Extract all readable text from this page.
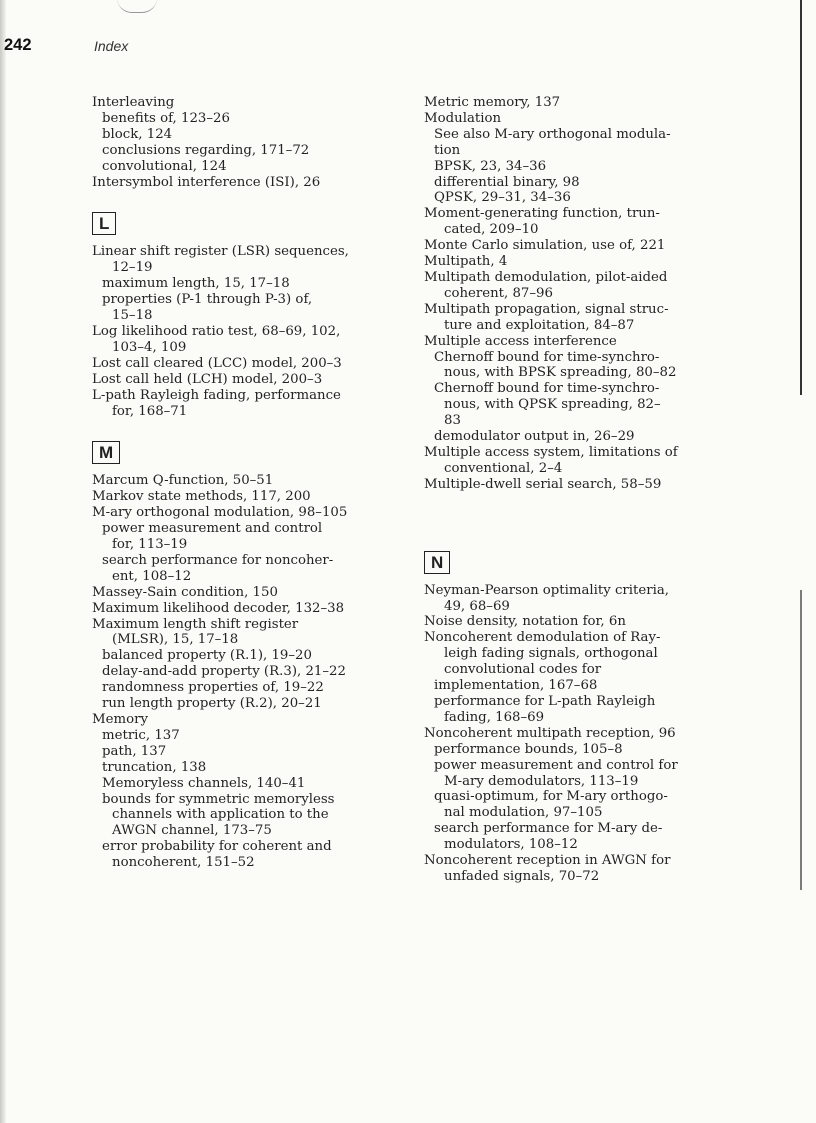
242	Index
Interleaving
benefits of, 123–26
block, 124
conclusions regarding, 171–72
convolutional, 124
Intersymbol interference (ISI), 26
L
Linear shift register (LSR) sequences,
12–19
maximum length, 15, 17–18
properties (P-1 through P-3) of,
15–18
Log likelihood ratio test, 68–69, 102,
103–4, 109
Lost call cleared (LCC) model, 200–3
Lost call held (LCH) model, 200–3
L-path Rayleigh fading, performance
for, 168–71
M
Marcum Q-function, 50–51
Markov state methods, 117, 200
M-ary orthogonal modulation, 98–105
power measurement and control
for, 113–19
search performance for noncoher-
ent, 108–12
Massey-Sain condition, 150
Maximum likelihood decoder, 132–38
Maximum length shift register
(MLSR), 15, 17–18
balanced property (R.1), 19–20
delay-and-add property (R.3), 21–22
randomness properties of, 19–22
run length property (R.2), 20–21
Memory
metric, 137
path, 137
truncation, 138
Memoryless channels, 140–41
bounds for symmetric memoryless
channels with application to the
AWGN channel, 173–75
error probability for coherent and
noncoherent, 151–52
Metric memory, 137
Modulation
See also M-ary orthogonal modula-
tion
BPSK, 23, 34–36
differential binary, 98
QPSK, 29–31, 34–36
Moment-generating function, trun-
cated, 209–10
Monte Carlo simulation, use of, 221
Multipath, 4
Multipath demodulation, pilot-aided
coherent, 87–96
Multipath propagation, signal struc-
ture and exploitation, 84–87
Multiple access interference
Chernoff bound for time-synchro-
nous, with BPSK spreading, 80–82
Chernoff bound for time-synchro-
nous, with QPSK spreading, 82–
83
demodulator output in, 26–29
Multiple access system, limitations of
conventional, 2–4
Multiple-dwell serial search, 58–59
N
Neyman-Pearson optimality criteria,
49, 68–69
Noise density, notation for, 6n
Noncoherent demodulation of Ray-
leigh fading signals, orthogonal
convolutional codes for
implementation, 167–68
performance for L-path Rayleigh
fading, 168–69
Noncoherent multipath reception, 96
performance bounds, 105–8
power measurement and control for
M-ary demodulators, 113–19
quasi-optimum, for M-ary orthogo-
nal modulation, 97–105
search performance for M-ary de-
modulators, 108–12
Noncoherent reception in AWGN for
unfaded signals, 70–72
